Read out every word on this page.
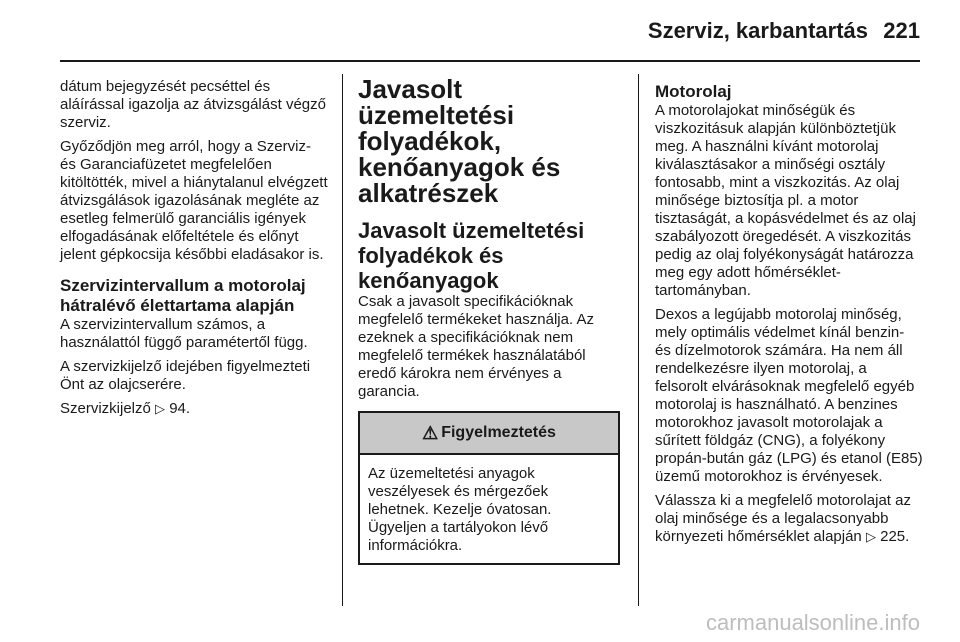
Szerviz, karbantartás 221

dátum bejegyzését pecséttel és aláírással igazolja az átvizsgálást végző szerviz.

Győződjön meg arról, hogy a Szerviz- és Garanciafüzetet megfelelően kitöltötték, mivel a hiánytalanul elvégzett átvizsgálások igazolásának megléte az esetleg felmerülő garanciális igények elfogadásának előfeltétele és előnyt jelent gépkocsija későbbi eladásakor is.

Szervizintervallum a motorolaj hátralévő élettartama alapján

A szervizintervallum számos, a használattól függő paramétertől függ.

A szervizkijelző idejében figyelmezteti Önt az olajcserére.

Szervizkijelző ▷ 94.

Javasolt üzemeltetési folyadékok, kenőanyagok és alkatrészek
Javasolt üzemeltetési folyadékok és kenőanyagok

Csak a javasolt specifikációknak megfelelő termékeket használja. Az ezeknek a specifikációknak nem megfelelő termékek használatából eredő károkra nem érvényes a garancia.

⚠ Figyelmeztetés
Az üzemeltetési anyagok veszélyesek és mérgezőek lehetnek. Kezelje óvatosan. Ügyeljen a tartályokon lévő információkra.
Motorolaj

A motorolajokat minőségük és viszkozitásuk alapján különböztetjük meg. A használni kívánt motorolaj kiválasztásakor a minőségi osztály fontosabb, mint a viszkozitás. Az olaj minősége biztosítja pl. a motor tisztaságát, a kopásvédelmet és az olaj szabályozott öregedését. A viszkozitás pedig az olaj folyékonyságát határozza meg egy adott hőmérséklet-tartományban.

Dexos a legújabb motorolaj minőség, mely optimális védelmet kínál benzin- és dízelmotorok számára. Ha nem áll rendelkezésre ilyen motorolaj, a felsorolt elvárásoknak megfelelő egyéb motorolaj is használható. A benzines motorokhoz javasolt motorolajak a sűrített földgáz (CNG), a folyékony propán-bután gáz (LPG) és etanol (E85) üzemű motorokhoz is érvényesek.

Válassza ki a megfelelő motorolajat az olaj minősége és a legalacsonyabb környezeti hőmérséklet alapján ▷ 225.

carmanualsonline.info
